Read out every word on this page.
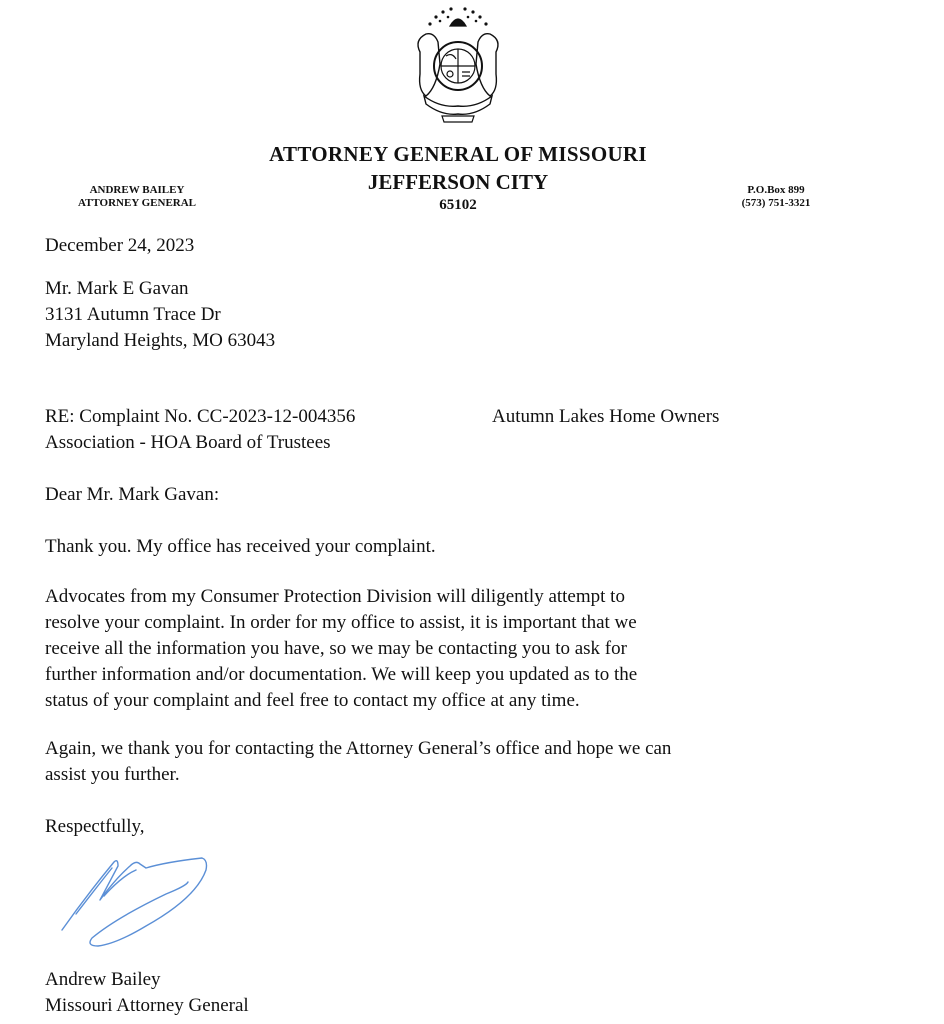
ATTORNEY GENERAL OF MISSOURI
JEFFERSON CITY
65102
ANDREW BAILEY
ATTORNEY GENERAL
P.O.Box 899
(573) 751-3321
December 24, 2023
Mr. Mark E Gavan
3131 Autumn Trace Dr
Maryland Heights, MO 63043
RE: Complaint No. CC-2023-12-004356	Autumn Lakes Home Owners
Association - HOA Board of Trustees
Dear Mr. Mark Gavan:
Thank you. My office has received your complaint.
Advocates from my Consumer Protection Division will diligently attempt to
resolve your complaint. In order for my office to assist, it is important that we
receive all the information you have, so we may be contacting you to ask for
further information and/or documentation. We will keep you updated as to the
status of your complaint and feel free to contact my office at any time.
Again, we thank you for contacting the Attorney General’s office and hope we can
assist you further.
Respectfully,
Andrew Bailey
Missouri Attorney General
